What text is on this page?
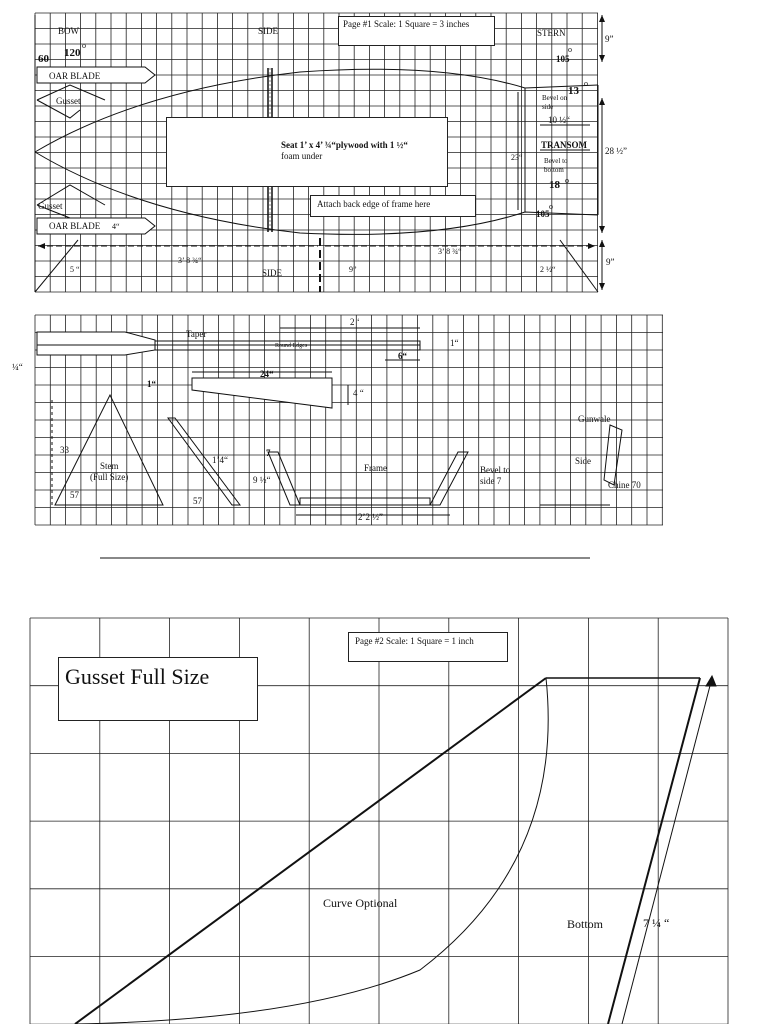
BOW	SIDE	STERN
60 120	105
13
OAR BLADE
Gusset	Bevel on
side
10 ½“
TRANSOM
Bevel to
bottom
23“
18
105
9”
28 ½”
9”
Gusset
OAR BLADE 4“
3’ 8 ¾“
3’ 8 ¾“
5 “	SIDE	9”	2 ½“
o	o
o
o
o
Taper
2 ‘
Round Edges	1“
6“
¼“
1“
24“
4 “
33
Stem
(Full Size)
57
1’4“
57
7
9 ½“
Frame	Bevel to
side 7
2’2 ½”
Gunwale
Side
Chine 70
Curve Optional
Bottom	7 ¼ “
Page #1 Scale: 1 Square = 3 inches
Seat 1’ x 4’ ¾“plywood with 1 ½“
foam under
Attach back edge of frame here
Page #2 Scale: 1 Square = 1 inch
Gusset Full Size
